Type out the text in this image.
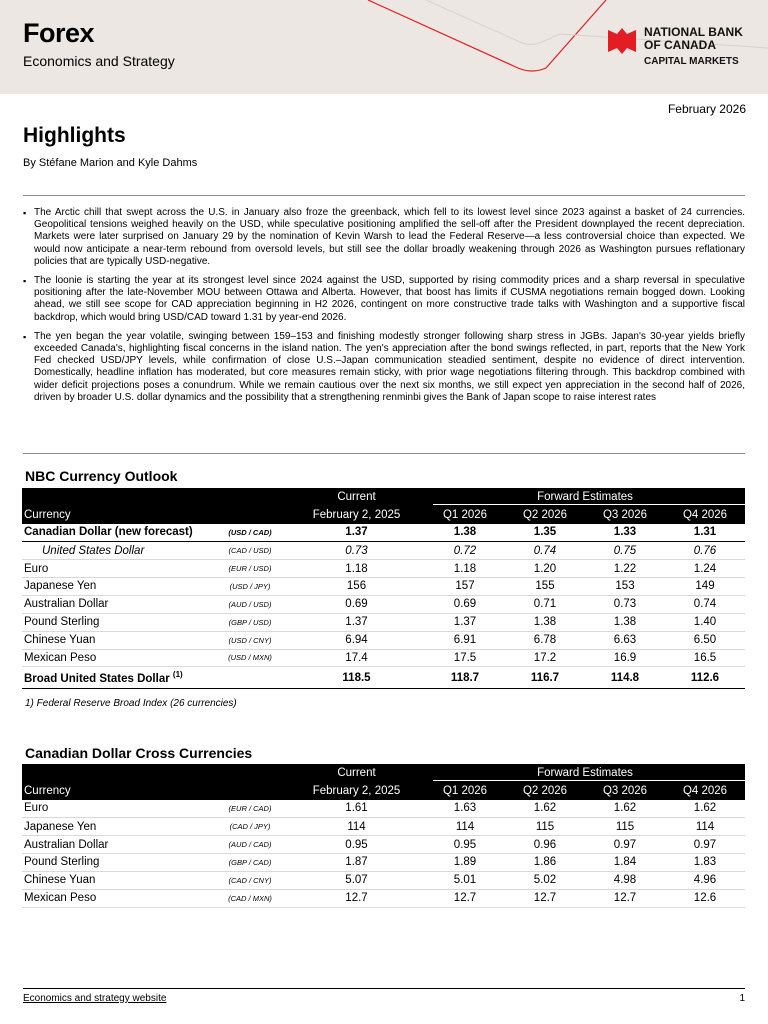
Forex
Economics and Strategy
NATIONAL BANK
OF CANADA
CAPITAL MARKETS
February 2026
Highlights
By Stéfane Marion and Kyle Dahms
▪ The Arctic chill that swept across the U.S. in January also froze the greenback, which fell to its lowest level since 2023 against a basket of 24 currencies. Geopolitical tensions weighed heavily on the USD, while speculative positioning amplified the sell-off after the President downplayed the recent depreciation. Markets were later surprised on January 29 by the nomination of Kevin Warsh to lead the Federal Reserve—a less controversial choice than expected. We would now anticipate a near-term rebound from oversold levels, but still see the dollar broadly weakening through 2026 as Washington pursues reflationary policies that are typically USD-negative.
▪ The loonie is starting the year at its strongest level since 2024 against the USD, supported by rising commodity prices and a sharp reversal in speculative positioning after the late-November MOU between Ottawa and Alberta. However, that boost has limits if CUSMA negotiations remain bogged down. Looking ahead, we still see scope for CAD appreciation beginning in H2 2026, contingent on more constructive trade talks with Washington and a supportive fiscal backdrop, which would bring USD/CAD toward 1.31 by year-end 2026.
▪ The yen began the year volatile, swinging between 159–153 and finishing modestly stronger following sharp stress in JGBs. Japan's 30-year yields briefly exceeded Canada's, highlighting fiscal concerns in the island nation. The yen's appreciation after the bond swings reflected, in part, reports that the New York Fed checked USD/JPY levels, while confirmation of close U.S.–Japan communication steadied sentiment, despite no evidence of direct intervention. Domestically, headline inflation has moderated, but core measures remain sticky, with prior wage negotiations filtering through. This backdrop combined with wider deficit projections poses a conundrum. While we remain cautious over the next six months, we still expect yen appreciation in the second half of 2026, driven by broader U.S. dollar dynamics and the possibility that a strengthening renminbi gives the Bank of Japan scope to raise interest rates
NBC Currency Outlook
		Current	Forward Estimates			

Currency		February 2, 2025	Q1 2026	Q2 2026	Q3 2026	Q4 2026
Canadian Dollar (new forecast)	(USD / CAD)	1.37	1.38	1.35	1.33	1.31
United States Dollar	(CAD / USD)	0.73	0.72	0.74	0.75	0.76
Euro	(EUR / USD)	1.18	1.18	1.20	1.22	1.24
Japanese Yen	(USD / JPY)	156	157	155	153	149
Australian Dollar	(AUD / USD)	0.69	0.69	0.71	0.73	0.74
Pound Sterling	(GBP / USD)	1.37	1.37	1.38	1.38	1.40
Chinese Yuan	(USD / CNY)	6.94	6.91	6.78	6.63	6.50
Mexican Peso	(USD / MXN)	17.4	17.5	17.2	16.9	16.5
Broad United States Dollar $^{(1)}$		118.5	118.7	116.7	114.8	112.6
1) Federal Reserve Broad Index (26 currencies)
Canadian Dollar Cross Currencies
		Current	Forward Estimates			

Currency		February 2, 2025	Q1 2026	Q2 2026	Q3 2026	Q4 2026
Euro	(EUR / CAD)	1.61	1.63	1.62	1.62	1.62
Japanese Yen	(CAD / JPY)	114	114	115	115	114
Australian Dollar	(AUD / CAD)	0.95	0.95	0.96	0.97	0.97
Pound Sterling	(GBP / CAD)	1.87	1.89	1.86	1.84	1.83
Chinese Yuan	(CAD / CNY)	5.07	5.01	5.02	4.98	4.96
Mexican Peso	(CAD / MXN)	12.7	12.7	12.7	12.7	12.6
Economics and strategy website	1
